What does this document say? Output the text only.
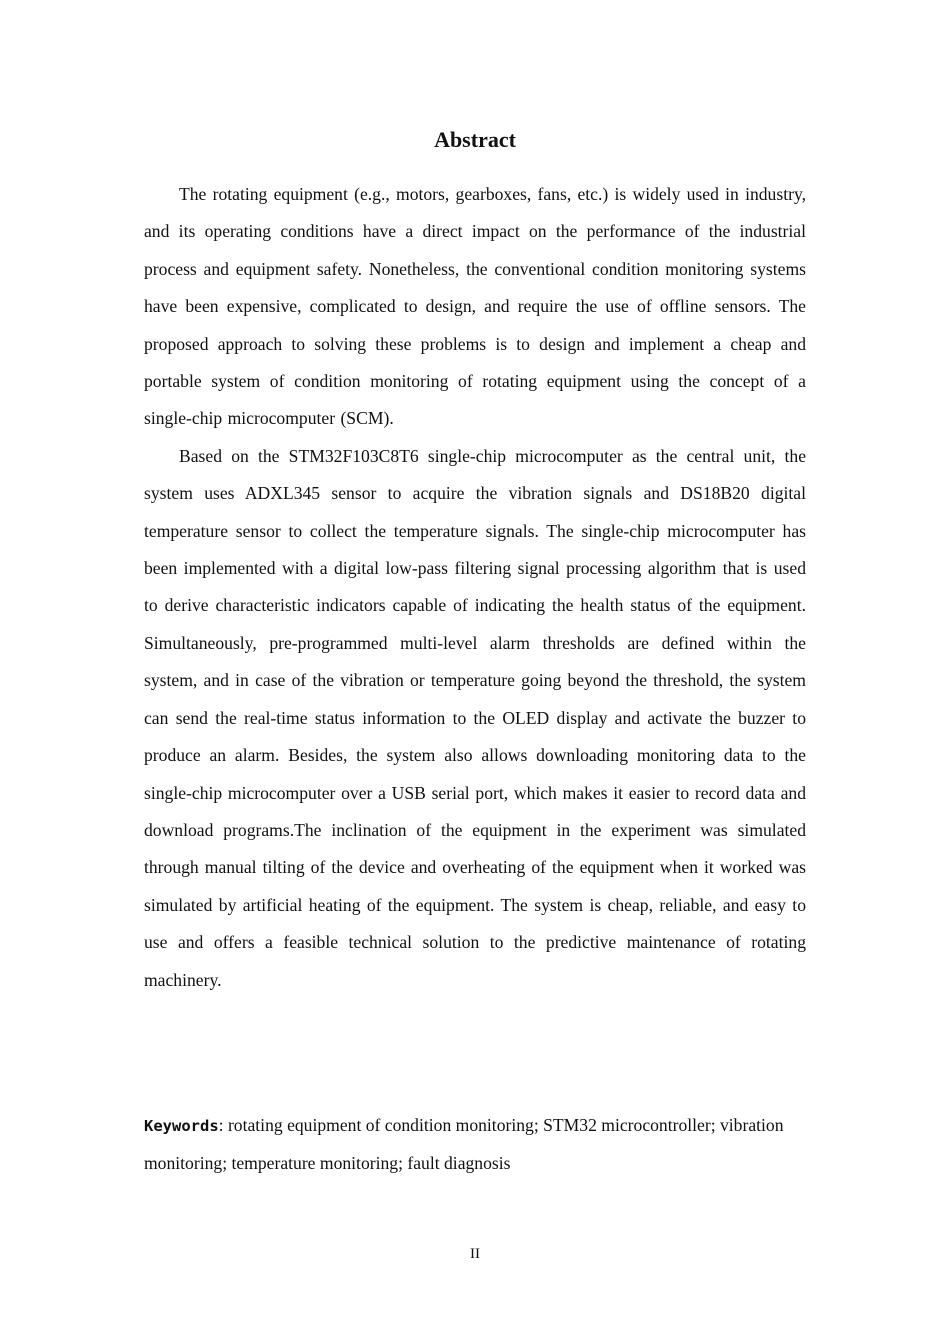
Abstract

The rotating equipment (e.g., motors, gearboxes, fans, etc.) is widely used in industry, and its operating conditions have a direct impact on the performance of the industrial process and equipment safety. Nonetheless, the conventional condition monitoring systems have been expensive, complicated to design, and require the use of offline sensors. The proposed approach to solving these problems is to design and implement a cheap and portable system of condition monitoring of rotating equipment using the concept of a single-chip microcomputer (SCM).

Based on the STM32F103C8T6 single-chip microcomputer as the central unit, the system uses ADXL345 sensor to acquire the vibration signals and DS18B20 digital temperature sensor to collect the temperature signals. The single-chip microcomputer has been implemented with a digital low-pass filtering signal processing algorithm that is used to derive characteristic indicators capable of indicating the health status of the equipment. Simultaneously, pre-programmed multi-level alarm thresholds are defined within the system, and in case of the vibration or temperature going beyond the threshold, the system can send the real-time status information to the OLED display and activate the buzzer to produce an alarm. Besides, the system also allows downloading monitoring data to the single-chip microcomputer over a USB serial port, which makes it easier to record data and download programs.The inclination of the equipment in the experiment was simulated through manual tilting of the device and overheating of the equipment when it worked was simulated by artificial heating of the equipment. The system is cheap, reliable, and easy to use and offers a feasible technical solution to the predictive maintenance of rotating machinery.

Keywords: rotating equipment of condition monitoring; STM32 microcontroller; vibration monitoring; temperature monitoring; fault diagnosis
II
